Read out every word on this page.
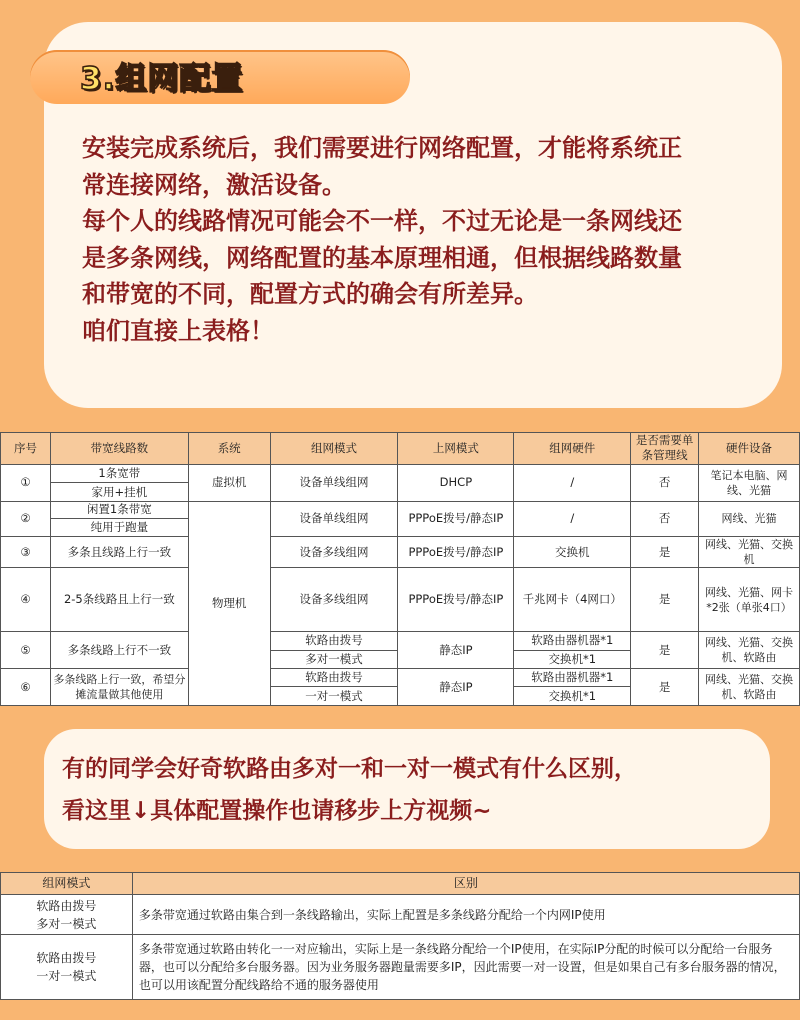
3.组网配置

安装完成系统后，我们需要进行网络配置，才能将系统正

常连接网络，激活设备。

每个人的线路情况可能会不一样，不过无论是一条网线还

是多条网线，网络配置的基本原理相通，但根据线路数量

和带宽的不同，配置方式的确会有所差异。

咱们直接上表格！

序号	带宽线路数	系统	组网模式	上网模式	组网硬件	是否需要单条管理线	硬件设备
①	1条宽带	虚拟机	设备单线组网	DHCP	/	否	笔记本电脑、网线、光猫
	家用+挂机						
②	闲置1条带宽	物理机	设备单线组网	PPPoE拨号/静态IP	/	否	网线、光猫
	纯用于跑量						
③	多条且线路上行一致		设备多线组网	PPPoE拨号/静态IP	交换机	是	网线、光猫、交换机
④	2-5条线路且上行一致		设备多线组网	PPPoE拨号/静态IP	千兆网卡（4网口）	是	网线、光猫、网卡*2张（单张4口）
⑤	多条线路上行不一致		软路由拨号	静态IP	软路由器机器*1	是	网线、光猫、交换机、软路由
			多对一模式		交换机*1		
⑥	多条线路上行一致，希望分摊流量做其他使用		软路由拨号	静态IP	软路由器机器*1	是	网线、光猫、交换机、软路由
			一对一模式		交换机*1		

有的同学会好奇软路由多对一和一对一模式有什么区别，

看这里↓具体配置操作也请移步上方视频~

组网模式	区别

软路由拨号
多对一模式	多条带宽通过软路由集合到一条线路输出，实际上配置是多条线路分配给一个内网IP使用

软路由拨号
一对一模式	多条带宽通过软路由转化一一对应输出，实际上是一条线路分配给一个IP使用，在实际IP分配的时候可以分配给一台服务器，也可以分配给多台服务器。因为业务服务器跑量需要多IP，因此需要一对一设置，但是如果自己有多台服务器的情况，也可以用该配置分配线路给不通的服务器使用
